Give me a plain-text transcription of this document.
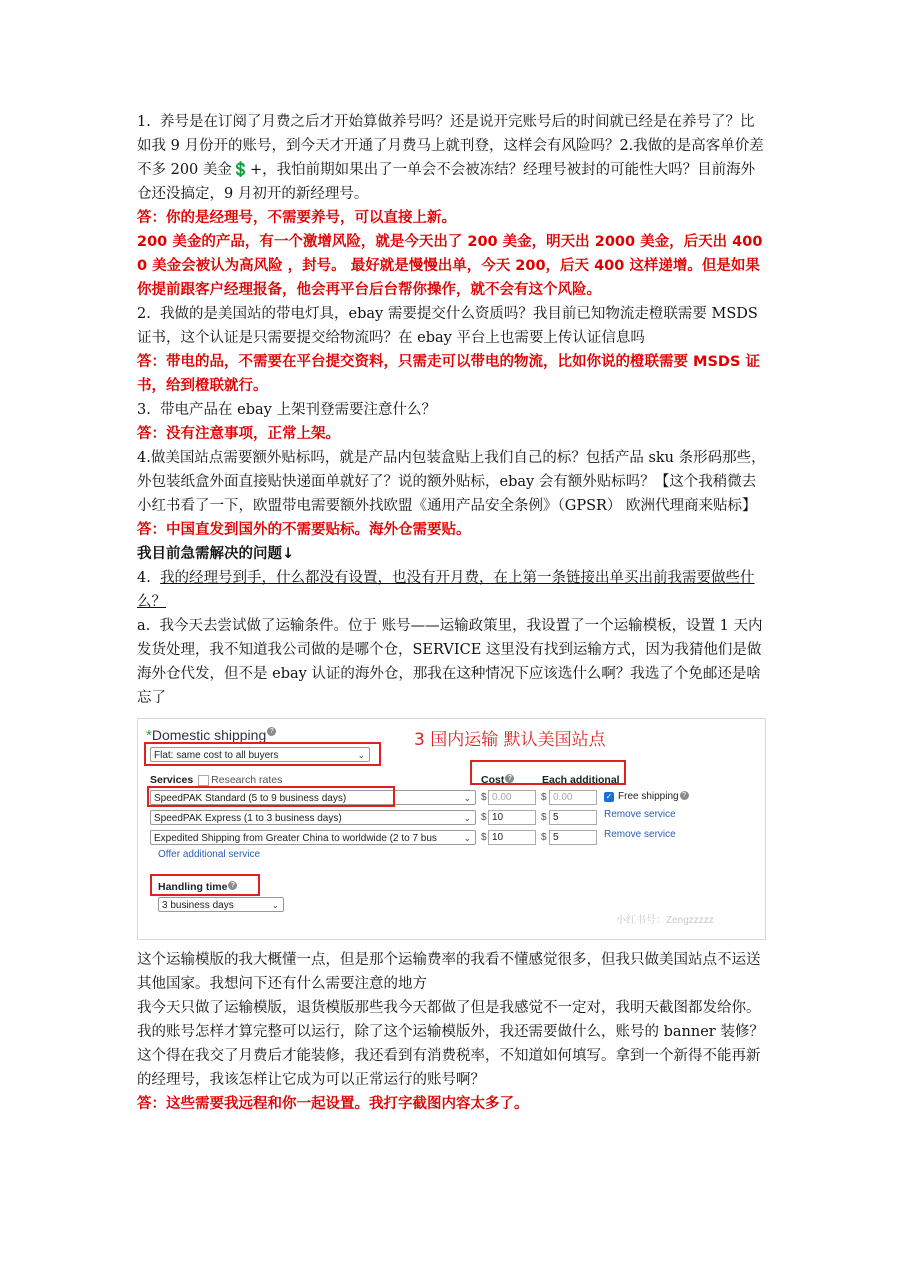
1.  养号是在订阅了月费之后才开始算做养号吗？还是说开完账号后的时间就已经是在养号了？比如我 9 月份开的账号，到今天才开通了月费马上就刊登，这样会有风险吗？2.我做的是高客单价差不多 200 美金💲+，我怕前期如果出了一单会不会被冻结？经理号被封的可能性大吗？目前海外仓还没搞定，9 月初开的新经理号。

答：你的是经理号，不需要养号，可以直接上新。

200 美金的产品，有一个激增风险，就是今天出了 200 美金，明天出 2000 美金，后天出 4000 美金会被认为高风险 ，封号。 最好就是慢慢出单，今天 200，后天 400 这样递增。但是如果你提前跟客户经理报备，他会再平台后台帮你操作，就不会有这个风险。

2.  我做的是美国站的带电灯具，ebay 需要提交什么资质吗？我目前已知物流走橙联需要 MSDS 证书，这个认证是只需要提交给物流吗？在 ebay 平台上也需要上传认证信息吗

答：带电的品，不需要在平台提交资料，只需走可以带电的物流，比如你说的橙联需要 MSDS 证书，给到橙联就行。

3.  带电产品在 ebay 上架刊登需要注意什么？

答：没有注意事项，正常上架。

4.做美国站点需要额外贴标吗，就是产品内包装盒贴上我们自己的标？包括产品 sku 条形码那些，外包装纸盒外面直接贴快递面单就好了？说的额外贴标，ebay 会有额外贴标吗？【这个我稍微去小红书看了一下，欧盟带电需要额外找欧盟《通用产品安全条例》（GPSR） 欧洲代理商来贴标】

答：中国直发到国外的不需要贴标。海外仓需要贴。

我目前急需解决的问题↓

4. 我的经理号到手，什么都没有设置，也没有开月费，在上第一条链接出单买出前我需要做些什么？

a.  我今天去尝试做了运输条件。位于 账号——运输政策里，我设置了一个运输模板，设置 1 天内发货处理，我不知道我公司做的是哪个仓，SERVICE 这里没有找到运输方式，因为我猜他们是做海外仓代发，但不是 ebay 认证的海外仓，那我在这种情况下应该选什么啊？我选了个免邮还是啥忘了

*Domestic shipping ?
Flat: same cost to all buyers	⌄
3 国内运输 默认美国站点
Services Research rates	Cost ?	Each additional
SpeedPAK Standard (5 to 9 business days)	⌄ $ 0.00	$ 0.00	✓ Free shipping ?
SpeedPAK Express (1 to 3 business days)	⌄ $ 10	$ 5	Remove service
Expedited Shipping from Greater China to worldwide (2 to 7 bus	⌄ $ 10	$ 5	Remove service
Offer additional service
Handling time ?
3 business days	⌄
小红书号：Zengzzzzz

这个运输模版的我大概懂一点，但是那个运输费率的我看不懂感觉很多，但我只做美国站点不运送其他国家。我想问下还有什么需要注意的地方

我今天只做了运输模版，退货模版那些我今天都做了但是我感觉不一定对，我明天截图都发给你。

我的账号怎样才算完整可以运行，除了这个运输模版外，我还需要做什么，账号的 banner 装修？这个得在我交了月费后才能装修，我还看到有消费税率，不知道如何填写。拿到一个新得不能再新的经理号，我该怎样让它成为可以正常运行的账号啊？

答：这些需要我远程和你一起设置。我打字截图内容太多了。
